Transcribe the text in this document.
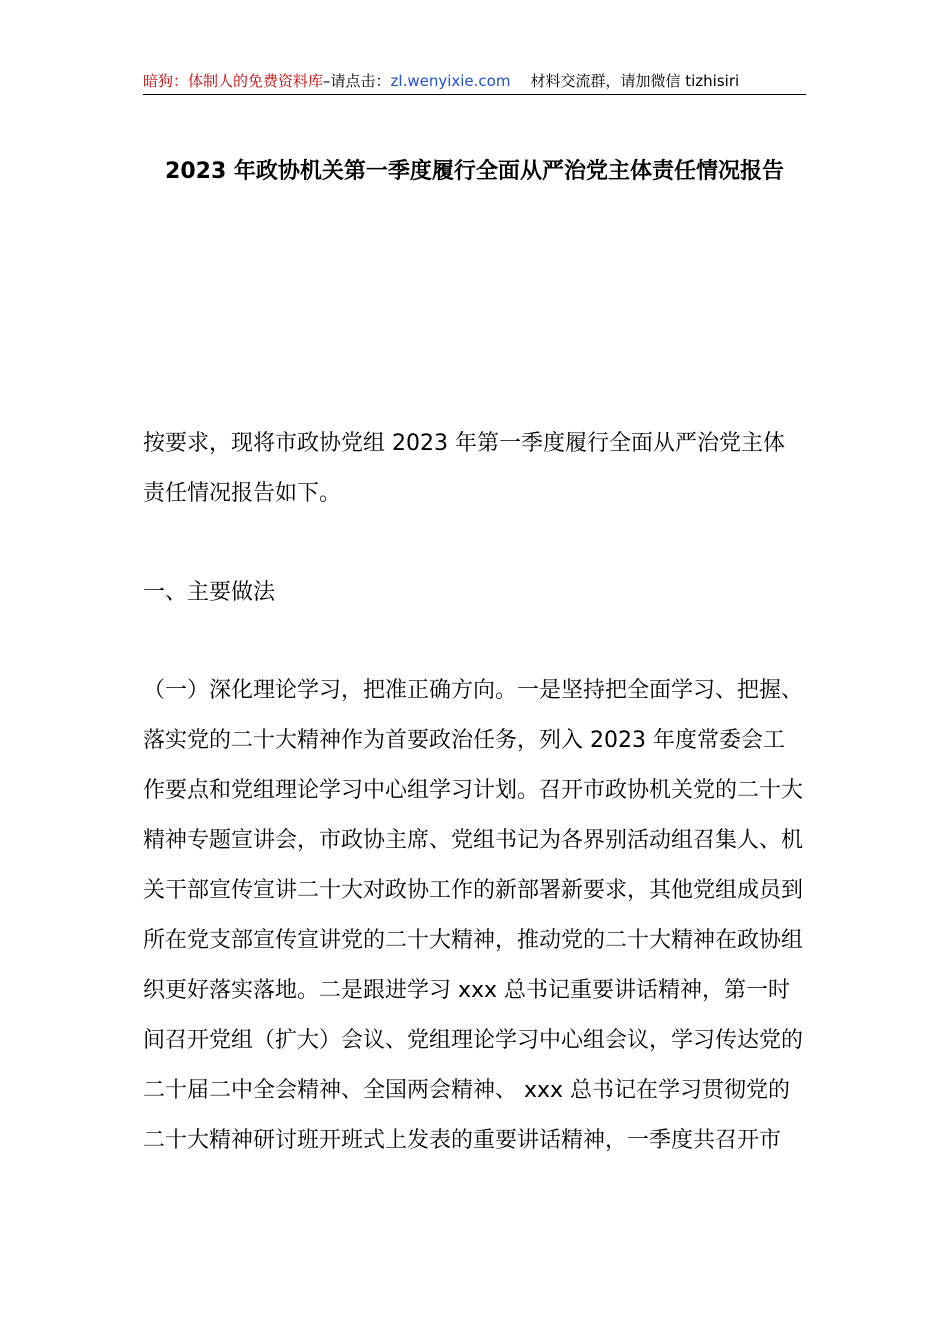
暗狗：体制人的免费资料库–请点击：zl.wenyixie.com 材料交流群，请加微信 tizhisiri
2023 年政协机关第一季度履行全面从严治党主体责任情况报告
按要求，现将市政协党组 2023 年第一季度履行全面从严治党主体责任情况报告如下。
一、主要做法
（一）深化理论学习，把准正确方向。一是坚持把全面学习、把握、落实党的二十大精神作为首要政治任务，列入 2023 年度常委会工作要点和党组理论学习中心组学习计划。召开市政协机关党的二十大精神专题宣讲会，市政协主席、党组书记为各界别活动组召集人、机关干部宣传宣讲二十大对政协工作的新部署新要求，其他党组成员到所在党支部宣传宣讲党的二十大精神，推动党的二十大精神在政协组织更好落实落地。二是跟进学习 xxx 总书记重要讲话精神，第一时间召开党组（扩大）会议、党组理论学习中心组会议，学习传达党的二十届二中全会精神、全国两会精神、 xxx 总书记在学习贯彻党的二十大精神研讨班开班式上发表的重要讲话精神，一季度共召开市
